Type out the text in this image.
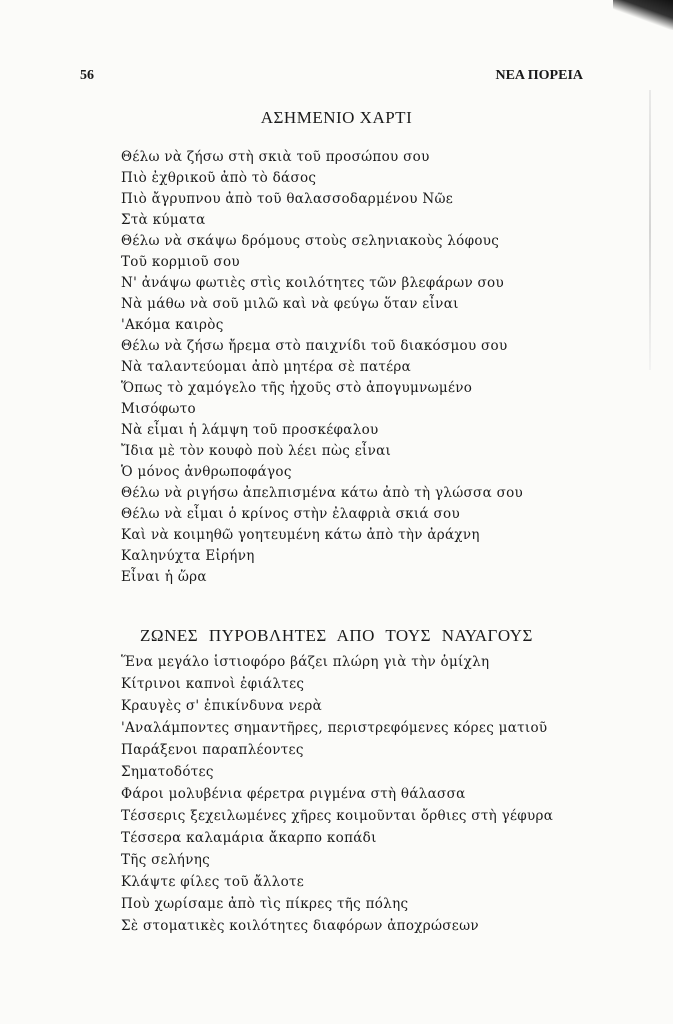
56	ΝΕΑ ΠΟΡΕΙΑ
ΑΣΗΜΕΝΙΟ ΧΑΡΤΙ
Θέλω νὰ ζήσω στὴ σκιὰ τοῦ προσώπου σου
Πιὸ ἐχθρικοῦ ἀπὸ τὸ δάσος
Πιὸ ἄγρυπνου ἀπὸ τοῦ θαλασσοδαρμένου Νῶε
Στὰ κύματα
Θέλω νὰ σκάψω δρόμους στοὺς σεληνιακοὺς λόφους
Τοῦ κορμιοῦ σου
Ν' ἀνάψω φωτιὲς στὶς κοιλότητες τῶν βλεφάρων σου
Νὰ μάθω νὰ σοῦ μιλῶ καὶ νὰ φεύγω ὅταν εἶναι
'Ακόμα καιρὸς
Θέλω νὰ ζήσω ἤρεμα στὸ παιχνίδι τοῦ διακόσμου σου
Νὰ ταλαντεύομαι ἀπὸ μητέρα σὲ πατέρα
Ὅπως τὸ χαμόγελο τῆς ἠχοῦς στὸ ἀπογυμνωμένο
Μισόφωτο
Νὰ εἶμαι ἡ λάμψη τοῦ προσκέφαλου
Ἴδια μὲ τὸν κουφὸ ποὺ λέει πὼς εἶναι
Ὁ μόνος ἀνθρωποφάγος
Θέλω νὰ ριγήσω ἀπελπισμένα κάτω ἀπὸ τὴ γλώσσα σου
Θέλω νὰ εἶμαι ὁ κρίνος στὴν ἐλαφριὰ σκιά σου
Καὶ νὰ κοιμηθῶ γοητευμένη κάτω ἀπὸ τὴν ἀράχνη
Καληνύχτα Εἰρήνη
Εἶναι ἡ ὥρα
ΖΩΝΕΣ ΠΥΡΟΒΛΗΤΕΣ ΑΠΟ ΤΟΥΣ ΝΑΥΑΓΟΥΣ
Ἕνα μεγάλο ἱστιοφόρο βάζει πλώρη γιὰ τὴν ὁμίχλη
Κίτρινοι καπνοὶ ἐφιάλτες
Κραυγὲς σ' ἐπικίνδυνα νερὰ
'Αναλάμποντες σημαντῆρες, περιστρεφόμενες κόρες ματιοῦ
Παράξενοι παραπλέοντες
Σηματοδότες
Φάροι μολυβένια φέρετρα ριγμένα στὴ θάλασσα
Τέσσερις ξεχειλωμένες χῆρες κοιμοῦνται ὄρθιες στὴ γέφυρα
Τέσσερα καλαμάρια ἄκαρπο κοπάδι
Τῆς σελήνης
Κλάψτε φίλες τοῦ ἄλλοτε
Ποὺ χωρίσαμε ἀπὸ τὶς πίκρες τῆς πόλης
Σὲ στοματικὲς κοιλότητες διαφόρων ἀποχρώσεων
